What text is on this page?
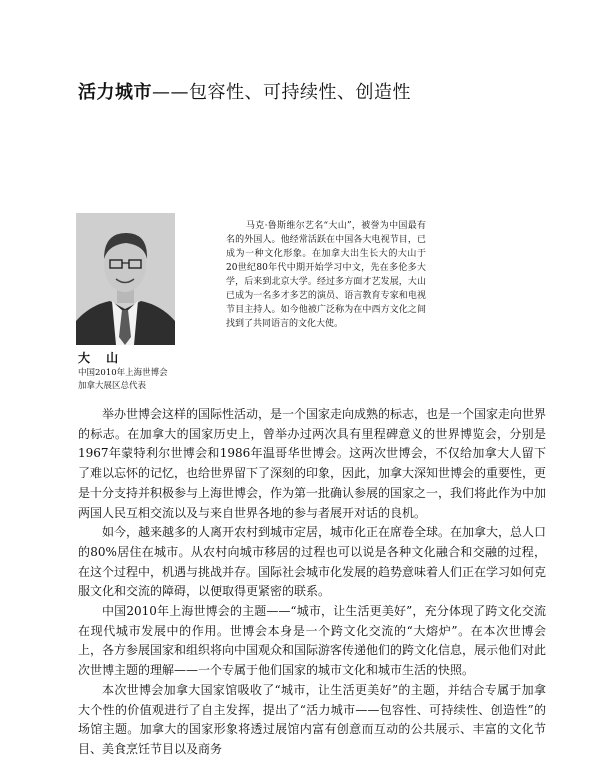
活力城市——包容性、可持续性、创造性
马克·鲁斯维尔艺名“大山”，被誉为中国最有名的外国人。他经常活跃在中国各大电视节目，已成为一种文化形象。在加拿大出生长大的大山于20世纪80年代中期开始学习中文，先在多伦多大学，后来到北京大学。经过多方面才艺发展，大山已成为一名多才多艺的演员、语言教育专家和电视节目主持人。如今他被广泛称为在中西方文化之间找到了共同语言的文化大使。
大 山
中国2010年上海世博会
加拿大展区总代表

举办世博会这样的国际性活动，是一个国家走向成熟的标志，也是一个国家走向世界的标志。在加拿大的国家历史上，曾举办过两次具有里程碑意义的世界博览会，分别是1967年蒙特利尔世博会和1986年温哥华世博会。这两次世博会，不仅给加拿大人留下了难以忘怀的记忆，也给世界留下了深刻的印象，因此，加拿大深知世博会的重要性，更是十分支持并积极参与上海世博会，作为第一批确认参展的国家之一，我们将此作为中加两国人民互相交流以及与来自世界各地的参与者展开对话的良机。

如今，越来越多的人离开农村到城市定居，城市化正在席卷全球。在加拿大，总人口的80%居住在城市。从农村向城市移居的过程也可以说是各种文化融合和交融的过程，在这个过程中，机遇与挑战并存。国际社会城市化发展的趋势意味着人们正在学习如何克服文化和交流的障碍，以便取得更紧密的联系。

中国2010年上海世博会的主题——“城市，让生活更美好”，充分体现了跨文化交流在现代城市发展中的作用。世博会本身是一个跨文化交流的“大熔炉”。在本次世博会上，各方参展国家和组织将向中国观众和国际游客传递他们的跨文化信息，展示他们对此次世博主题的理解——一个专属于他们国家的城市文化和城市生活的快照。

本次世博会加拿大国家馆吸收了“城市，让生活更美好”的主题，并结合专属于加拿大个性的价值观进行了自主发挥，提出了“活力城市——包容性、可持续性、创造性”的场馆主题。加拿大的国家形象将透过展馆内富有创意而互动的公共展示、丰富的文化节目、美食烹饪节目以及商务
